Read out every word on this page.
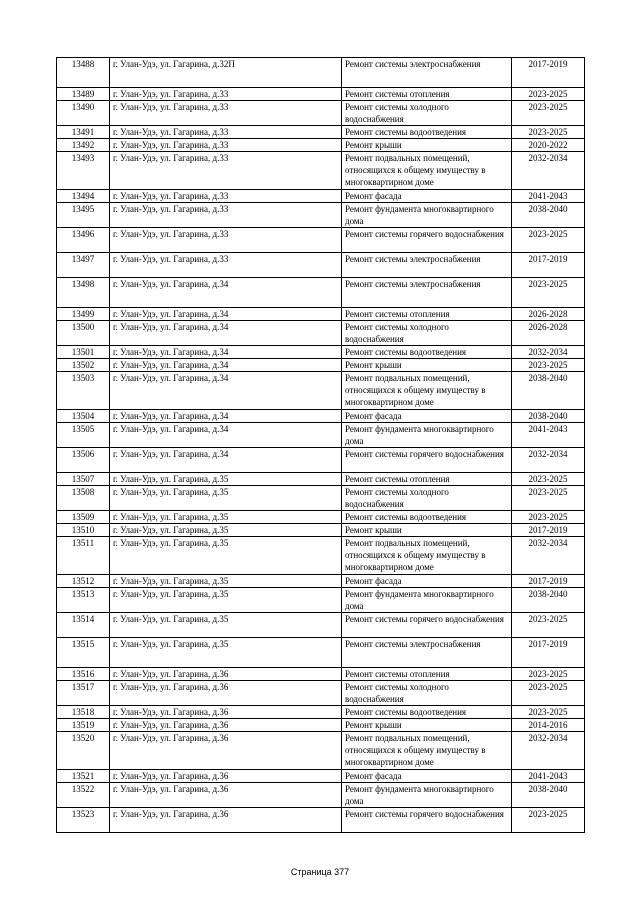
13488	г. Улан-Удэ, ул. Гагарина, д.32П	Ремонт системы электроснабжения	2017-2019
13489	г. Улан-Удэ, ул. Гагарина, д.33	Ремонт системы отопления	2023-2025
13490	г. Улан-Удэ, ул. Гагарина, д.33	Ремонт системы холодного водоснабжения	2023-2025
13491	г. Улан-Удэ, ул. Гагарина, д.33	Ремонт системы водоотведения	2023-2025
13492	г. Улан-Удэ, ул. Гагарина, д.33	Ремонт крыши	2020-2022
13493	г. Улан-Удэ, ул. Гагарина, д.33	Ремонт подвальных помещений, относящихся к общему имуществу в многоквартирном доме	2032-2034
13494	г. Улан-Удэ, ул. Гагарина, д.33	Ремонт фасада	2041-2043
13495	г. Улан-Удэ, ул. Гагарина, д.33	Ремонт фундамента многоквартирного дома	2038-2040
13496	г. Улан-Удэ, ул. Гагарина, д.33	Ремонт системы горячего водоснабжения	2023-2025
13497	г. Улан-Удэ, ул. Гагарина, д.33	Ремонт системы электроснабжения	2017-2019
13498	г. Улан-Удэ, ул. Гагарина, д.34	Ремонт системы электроснабжения	2023-2025
13499	г. Улан-Удэ, ул. Гагарина, д.34	Ремонт системы отопления	2026-2028
13500	г. Улан-Удэ, ул. Гагарина, д.34	Ремонт системы холодного водоснабжения	2026-2028
13501	г. Улан-Удэ, ул. Гагарина, д.34	Ремонт системы водоотведения	2032-2034
13502	г. Улан-Удэ, ул. Гагарина, д.34	Ремонт крыши	2023-2025
13503	г. Улан-Удэ, ул. Гагарина, д.34	Ремонт подвальных помещений, относящихся к общему имуществу в многоквартирном доме	2038-2040
13504	г. Улан-Удэ, ул. Гагарина, д.34	Ремонт фасада	2038-2040
13505	г. Улан-Удэ, ул. Гагарина, д.34	Ремонт фундамента многоквартирного дома	2041-2043
13506	г. Улан-Удэ, ул. Гагарина, д.34	Ремонт системы горячего водоснабжения	2032-2034
13507	г. Улан-Удэ, ул. Гагарина, д.35	Ремонт системы отопления	2023-2025
13508	г. Улан-Удэ, ул. Гагарина, д.35	Ремонт системы холодного водоснабжения	2023-2025
13509	г. Улан-Удэ, ул. Гагарина, д.35	Ремонт системы водоотведения	2023-2025
13510	г. Улан-Удэ, ул. Гагарина, д.35	Ремонт крыши	2017-2019
13511	г. Улан-Удэ, ул. Гагарина, д.35	Ремонт подвальных помещений, относящихся к общему имуществу в многоквартирном доме	2032-2034
13512	г. Улан-Удэ, ул. Гагарина, д.35	Ремонт фасада	2017-2019
13513	г. Улан-Удэ, ул. Гагарина, д.35	Ремонт фундамента многоквартирного дома	2038-2040
13514	г. Улан-Удэ, ул. Гагарина, д.35	Ремонт системы горячего водоснабжения	2023-2025
13515	г. Улан-Удэ, ул. Гагарина, д.35	Ремонт системы электроснабжения	2017-2019
13516	г. Улан-Удэ, ул. Гагарина, д.36	Ремонт системы отопления	2023-2025
13517	г. Улан-Удэ, ул. Гагарина, д.36	Ремонт системы холодного водоснабжения	2023-2025
13518	г. Улан-Удэ, ул. Гагарина, д.36	Ремонт системы водоотведения	2023-2025
13519	г. Улан-Удэ, ул. Гагарина, д.36	Ремонт крыши	2014-2016
13520	г. Улан-Удэ, ул. Гагарина, д.36	Ремонт подвальных помещений, относящихся к общему имуществу в многоквартирном доме	2032-2034
13521	г. Улан-Удэ, ул. Гагарина, д.36	Ремонт фасада	2041-2043
13522	г. Улан-Удэ, ул. Гагарина, д.36	Ремонт фундамента многоквартирного дома	2038-2040
13523	г. Улан-Удэ, ул. Гагарина, д.36	Ремонт системы горячего водоснабжения	2023-2025
Страница 377
